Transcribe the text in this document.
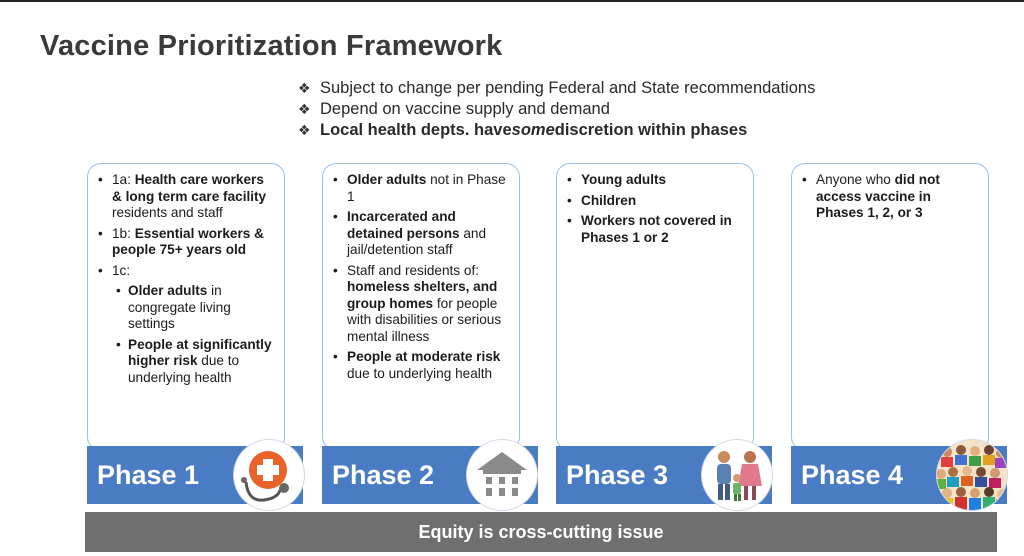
Vaccine Prioritization Framework
❖ Subject to change per pending Federal and State recommendations
❖ Depend on vaccine supply and demand
❖ Local health depts. have some discretion within phases
• 1a: Health care workers & long term care facility residents and staff
• 1b: Essential workers & people 75+ years old
• 1c:
• Older adults in congregate living settings
• People at significantly higher risk due to underlying health
• Older adults not in Phase 1
• Incarcerated and detained persons and jail/detention staff
• Staff and residents of: homeless shelters, and group homes for people with disabilities or serious mental illness
• People at moderate risk due to underlying health
• Young adults
• Children
• Workers not covered in Phases 1 or 2
• Anyone who did not access vaccine in Phases 1, 2, or 3
Phase 1	Phase 2	Phase 3	Phase 4
Equity is cross-cutting issue
